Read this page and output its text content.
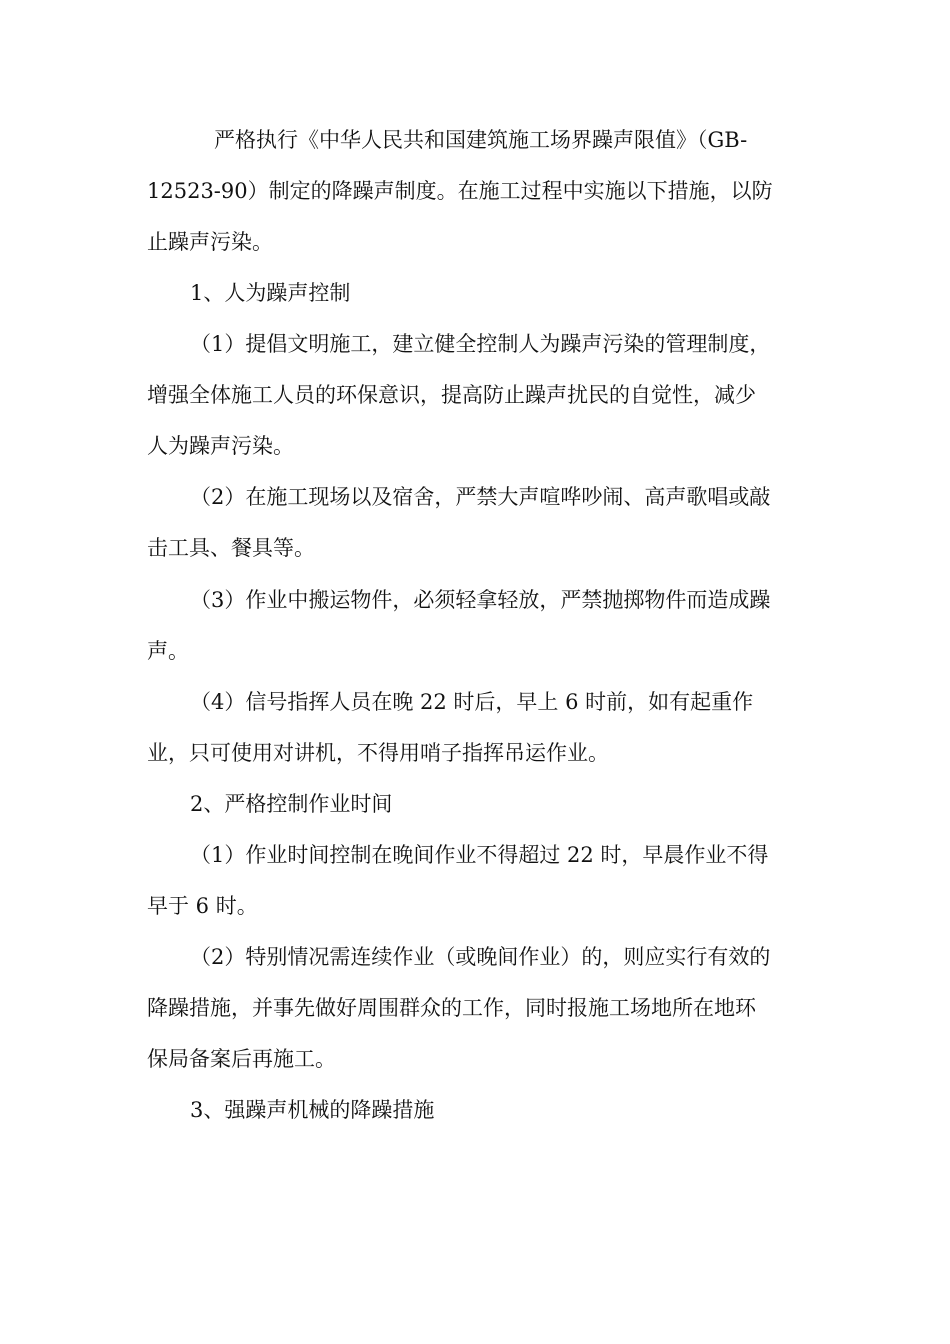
严格执行《中华人民共和国建筑施工场界躁声限值》（GB-

12523-90）制定的降躁声制度。在施工过程中实施以下措施，以防

止躁声污染。

1、人为躁声控制

（1）提倡文明施工，建立健全控制人为躁声污染的管理制度，

增强全体施工人员的环保意识，提高防止躁声扰民的自觉性，减少

人为躁声污染。

（2）在施工现场以及宿舍，严禁大声喧哗吵闹、高声歌唱或敲

击工具、餐具等。

（3）作业中搬运物件，必须轻拿轻放，严禁抛掷物件而造成躁

声。

（4）信号指挥人员在晚 22 时后，早上 6 时前，如有起重作

业，只可使用对讲机，不得用哨子指挥吊运作业。

2、严格控制作业时间

（1）作业时间控制在晚间作业不得超过 22 时，早晨作业不得

早于 6 时。

（2）特别情况需连续作业（或晚间作业）的，则应实行有效的

降躁措施，并事先做好周围群众的工作，同时报施工场地所在地环

保局备案后再施工。

3、强躁声机械的降躁措施
